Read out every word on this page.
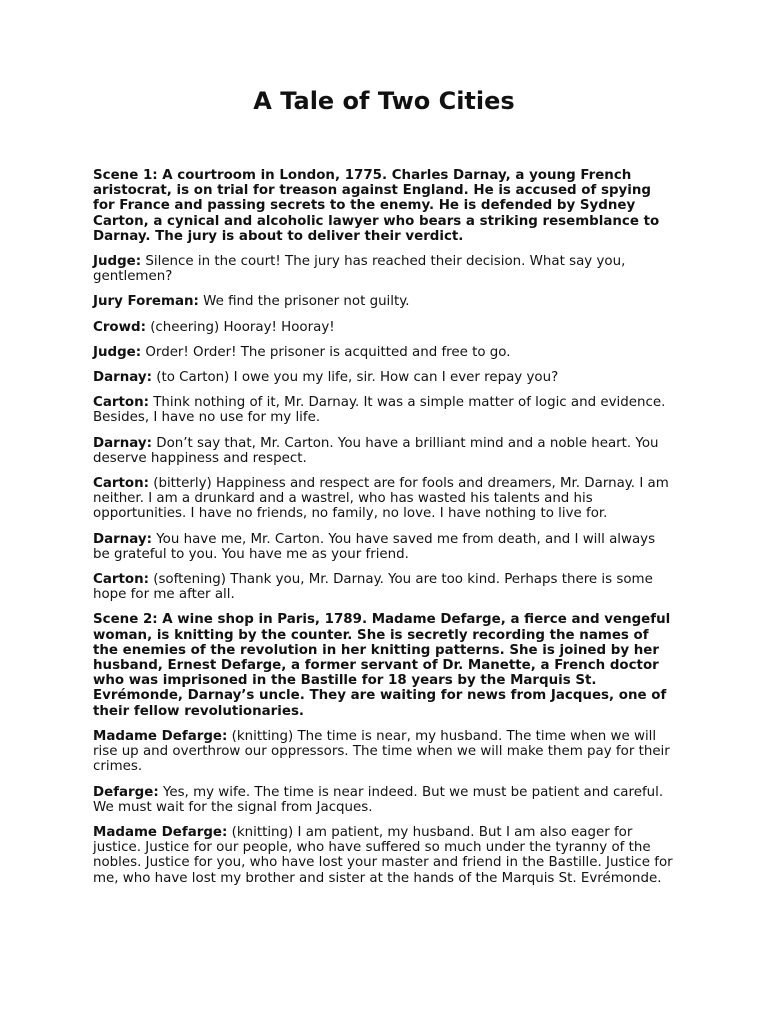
A Tale of Two Cities

Scene 1: A courtroom in London, 1775. Charles Darnay, a young French aristocrat, is on trial for treason against England. He is accused of spying for France and passing secrets to the enemy. He is defended by Sydney Carton, a cynical and alcoholic lawyer who bears a striking resemblance to Darnay. The jury is about to deliver their verdict.

Judge: Silence in the court! The jury has reached their decision. What say you, gentlemen?

Jury Foreman: We find the prisoner not guilty.

Crowd: (cheering) Hooray! Hooray!

Judge: Order! Order! The prisoner is acquitted and free to go.

Darnay: (to Carton) I owe you my life, sir. How can I ever repay you?

Carton: Think nothing of it, Mr. Darnay. It was a simple matter of logic and evidence. Besides, I have no use for my life.

Darnay: Don’t say that, Mr. Carton. You have a brilliant mind and a noble heart. You deserve happiness and respect.

Carton: (bitterly) Happiness and respect are for fools and dreamers, Mr. Darnay. I am neither. I am a drunkard and a wastrel, who has wasted his talents and his opportunities. I have no friends, no family, no love. I have nothing to live for.

Darnay: You have me, Mr. Carton. You have saved me from death, and I will always be grateful to you. You have me as your friend.

Carton: (softening) Thank you, Mr. Darnay. You are too kind. Perhaps there is some hope for me after all.

Scene 2: A wine shop in Paris, 1789. Madame Defarge, a fierce and vengeful woman, is knitting by the counter. She is secretly recording the names of the enemies of the revolution in her knitting patterns. She is joined by her husband, Ernest Defarge, a former servant of Dr. Manette, a French doctor who was imprisoned in the Bastille for 18 years by the Marquis St. Evrémonde, Darnay’s uncle. They are waiting for news from Jacques, one of their fellow revolutionaries.

Madame Defarge: (knitting) The time is near, my husband. The time when we will rise up and overthrow our oppressors. The time when we will make them pay for their crimes.

Defarge: Yes, my wife. The time is near indeed. But we must be patient and careful. We must wait for the signal from Jacques.

Madame Defarge: (knitting) I am patient, my husband. But I am also eager for justice. Justice for our people, who have suffered so much under the tyranny of the nobles. Justice for you, who have lost your master and friend in the Bastille. Justice for me, who have lost my brother and sister at the hands of the Marquis St. Evrémonde.
